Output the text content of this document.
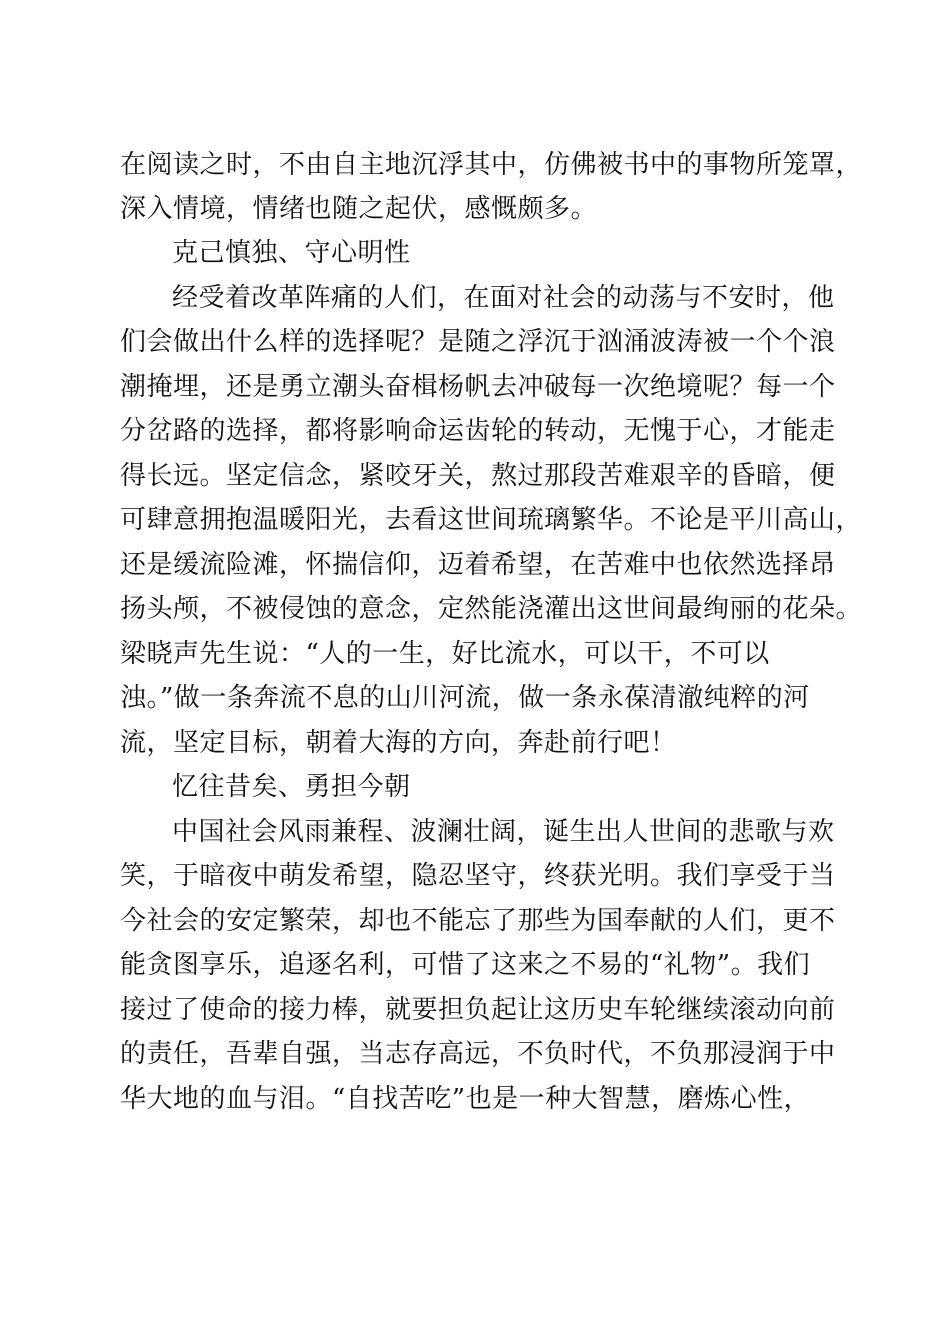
在阅读之时，不由自主地沉浮其中，仿佛被书中的事物所笼罩，
深入情境，情绪也随之起伏，感慨颇多。
克己慎独、守心明性
经受着改革阵痛的人们，在面对社会的动荡与不安时，他
们会做出什么样的选择呢？是随之浮沉于汹涌波涛被一个个浪
潮掩埋，还是勇立潮头奋楫杨帆去冲破每一次绝境呢？每一个
分岔路的选择，都将影响命运齿轮的转动，无愧于心，才能走
得长远。坚定信念，紧咬牙关，熬过那段苦难艰辛的昏暗，便
可肆意拥抱温暖阳光，去看这世间琉璃繁华。不论是平川高山，
还是缓流险滩，怀揣信仰，迈着希望，在苦难中也依然选择昂
扬头颅，不被侵蚀的意念，定然能浇灌出这世间最绚丽的花朵。
梁晓声先生说：“人的一生，好比流水，可以干，不可以
浊。”做一条奔流不息的山川河流，做一条永葆清澈纯粹的河
流，坚定目标，朝着大海的方向，奔赴前行吧！
忆往昔矣、勇担今朝
中国社会风雨兼程、波澜壮阔，诞生出人世间的悲歌与欢
笑，于暗夜中萌发希望，隐忍坚守，终获光明。我们享受于当
今社会的安定繁荣，却也不能忘了那些为国奉献的人们，更不
能贪图享乐，追逐名利，可惜了这来之不易的“礼物”。我们
接过了使命的接力棒，就要担负起让这历史车轮继续滚动向前
的责任，吾辈自强，当志存高远，不负时代，不负那浸润于中
华大地的血与泪。“自找苦吃”也是一种大智慧，磨炼心性，
